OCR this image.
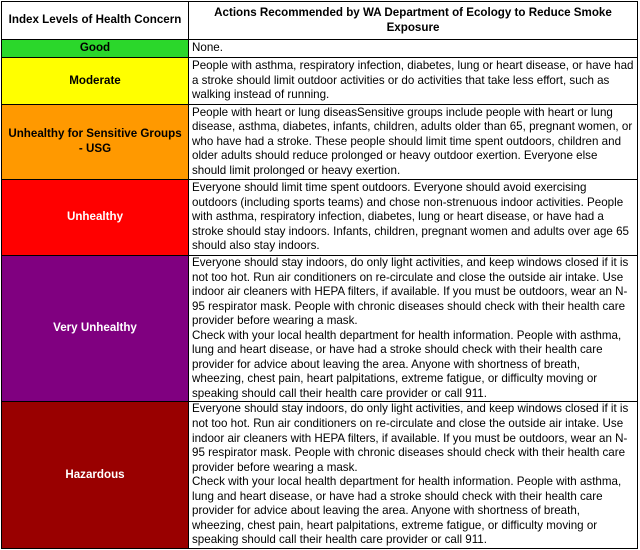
Index Levels of Health Concern	Actions Recommended by WA Department of Ecology to Reduce Smoke Exposure
Good	None.

Moderate	People with asthma, respiratory infection, diabetes, lung or heart disease, or have had a stroke should limit outdoor activities or do activities that take less effort, such as walking instead of running.

Unhealthy for Sensitive Groups - USG	People with heart or lung diseasSensitive groups include people with heart or lung disease, asthma, diabetes, infants, children, adults older than 65, pregnant women, or who have had a stroke. These people should limit time spent outdoors, children and older adults should reduce prolonged or heavy outdoor exertion. Everyone else should limit prolonged or heavy exertion.

Unhealthy	Everyone should limit time spent outdoors. Everyone should avoid exercising outdoors (including sports teams) and chose non-strenuous indoor activities. People with asthma, respiratory infection, diabetes, lung or heart disease, or have had a stroke should stay indoors. Infants, children, pregnant women and adults over age 65 should also stay indoors.

Very Unhealthy	Everyone should stay indoors, do only light activities, and keep windows closed if it is not too hot. Run air conditioners on re-circulate and close the outside air intake. Use indoor air cleaners with HEPA filters, if available. If you must be outdoors, wear an N-95 respirator mask. People with chronic diseases should check with their health care provider before wearing a mask.
Check with your local health department for health information. People with asthma, lung and heart disease, or have had a stroke should check with their health care provider for advice about leaving the area. Anyone with shortness of breath, wheezing, chest pain, heart palpitations, extreme fatigue, or difficulty moving or speaking should call their health care provider or call 911.

Hazardous	Everyone should stay indoors, do only light activities, and keep windows closed if it is not too hot. Run air conditioners on re-circulate and close the outside air intake. Use indoor air cleaners with HEPA filters, if available. If you must be outdoors, wear an N-95 respirator mask. People with chronic diseases should check with their health care provider before wearing a mask.
Check with your local health department for health information. People with asthma, lung and heart disease, or have had a stroke should check with their health care provider for advice about leaving the area. Anyone with shortness of breath, wheezing, chest pain, heart palpitations, extreme fatigue, or difficulty moving or speaking should call their health care provider or call 911.
